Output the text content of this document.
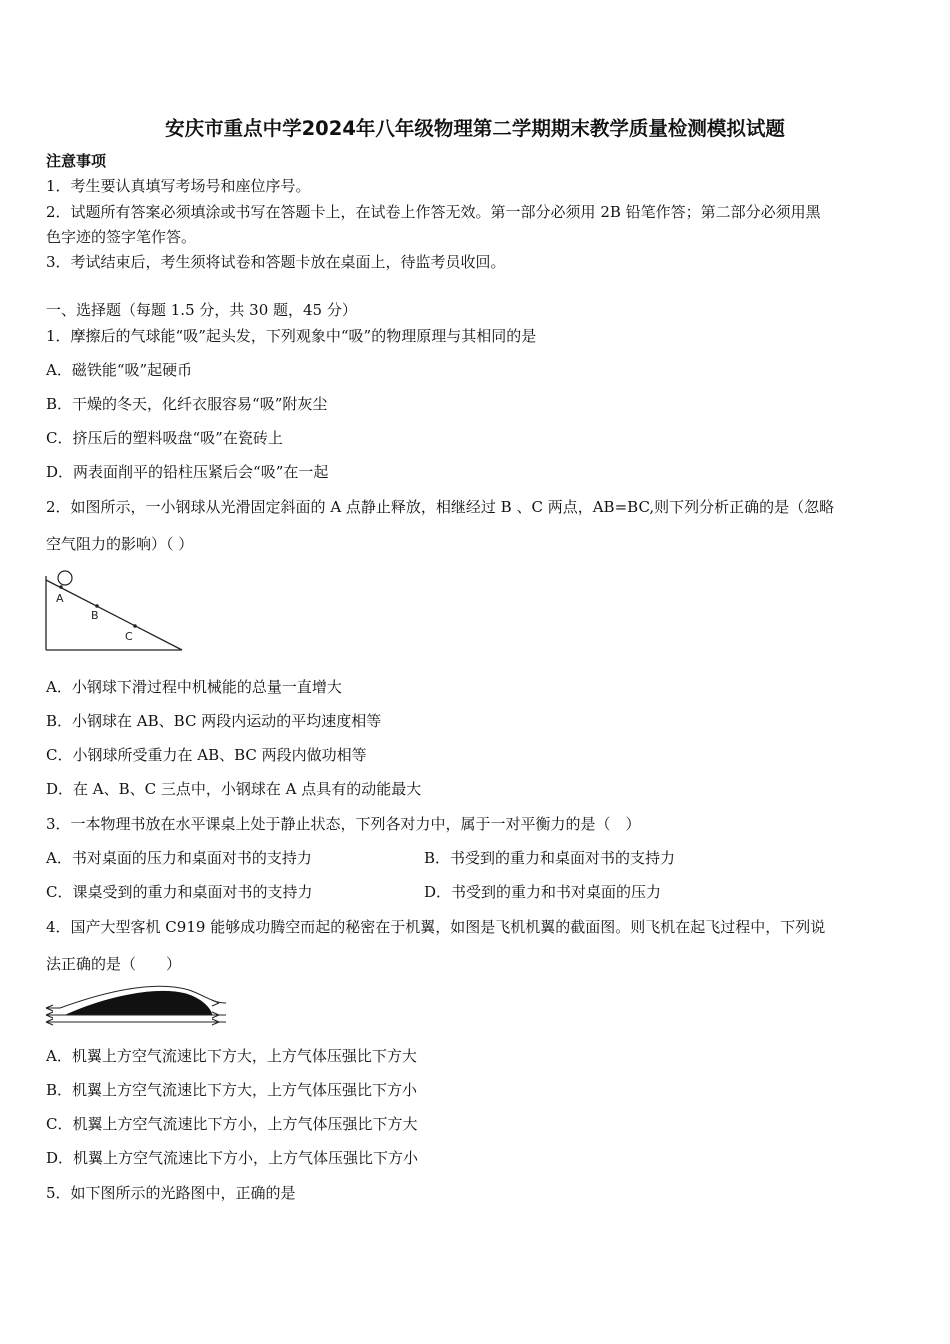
安庆市重点中学2024年八年级物理第二学期期末教学质量检测模拟试题
注意事项
1．考生要认真填写考场号和座位序号。
2．试题所有答案必须填涂或书写在答题卡上，在试卷上作答无效。第一部分必须用 2B 铅笔作答；第二部分必须用黑
色字迹的签字笔作答。
3．考试结束后，考生须将试卷和答题卡放在桌面上，待监考员收回。
一、选择题（每题 1.5 分，共 30 题，45 分）
1．摩擦后的气球能“吸”起头发，下列观象中“吸”的物理原理与其相同的是
A．磁铁能“吸”起硬币
B．干燥的冬天，化纤衣服容易“吸”附灰尘
C．挤压后的塑料吸盘“吸”在瓷砖上
D．两表面削平的铅柱压紧后会“吸”在一起
2．如图所示，一小钢球从光滑固定斜面的 A 点静止释放，相继经过 B 、C 两点，AB=BC,则下列分析正确的是（忽略
空气阻力的影响）（ ）
A
B
C
A．小钢球下滑过程中机械能的总量一直增大
B．小钢球在 AB、BC 两段内运动的平均速度相等
C．小钢球所受重力在 AB、BC 两段内做功相等
D．在 A、B、C 三点中，小钢球在 A 点具有的动能最大
3．一本物理书放在水平课桌上处于静止状态，下列各对力中，属于一对平衡力的是（　）
A．书对桌面的压力和桌面对书的支持力	B．书受到的重力和桌面对书的支持力
C．课桌受到的重力和桌面对书的支持力	D．书受到的重力和书对桌面的压力
4．国产大型客机 C919 能够成功腾空而起的秘密在于机翼，如图是飞机机翼的截面图。则飞机在起飞过程中，下列说
法正确的是（　　）
A．机翼上方空气流速比下方大，上方气体压强比下方大
B．机翼上方空气流速比下方大，上方气体压强比下方小
C．机翼上方空气流速比下方小，上方气体压强比下方大
D．机翼上方空气流速比下方小，上方气体压强比下方小
5．如下图所示的光路图中，正确的是
